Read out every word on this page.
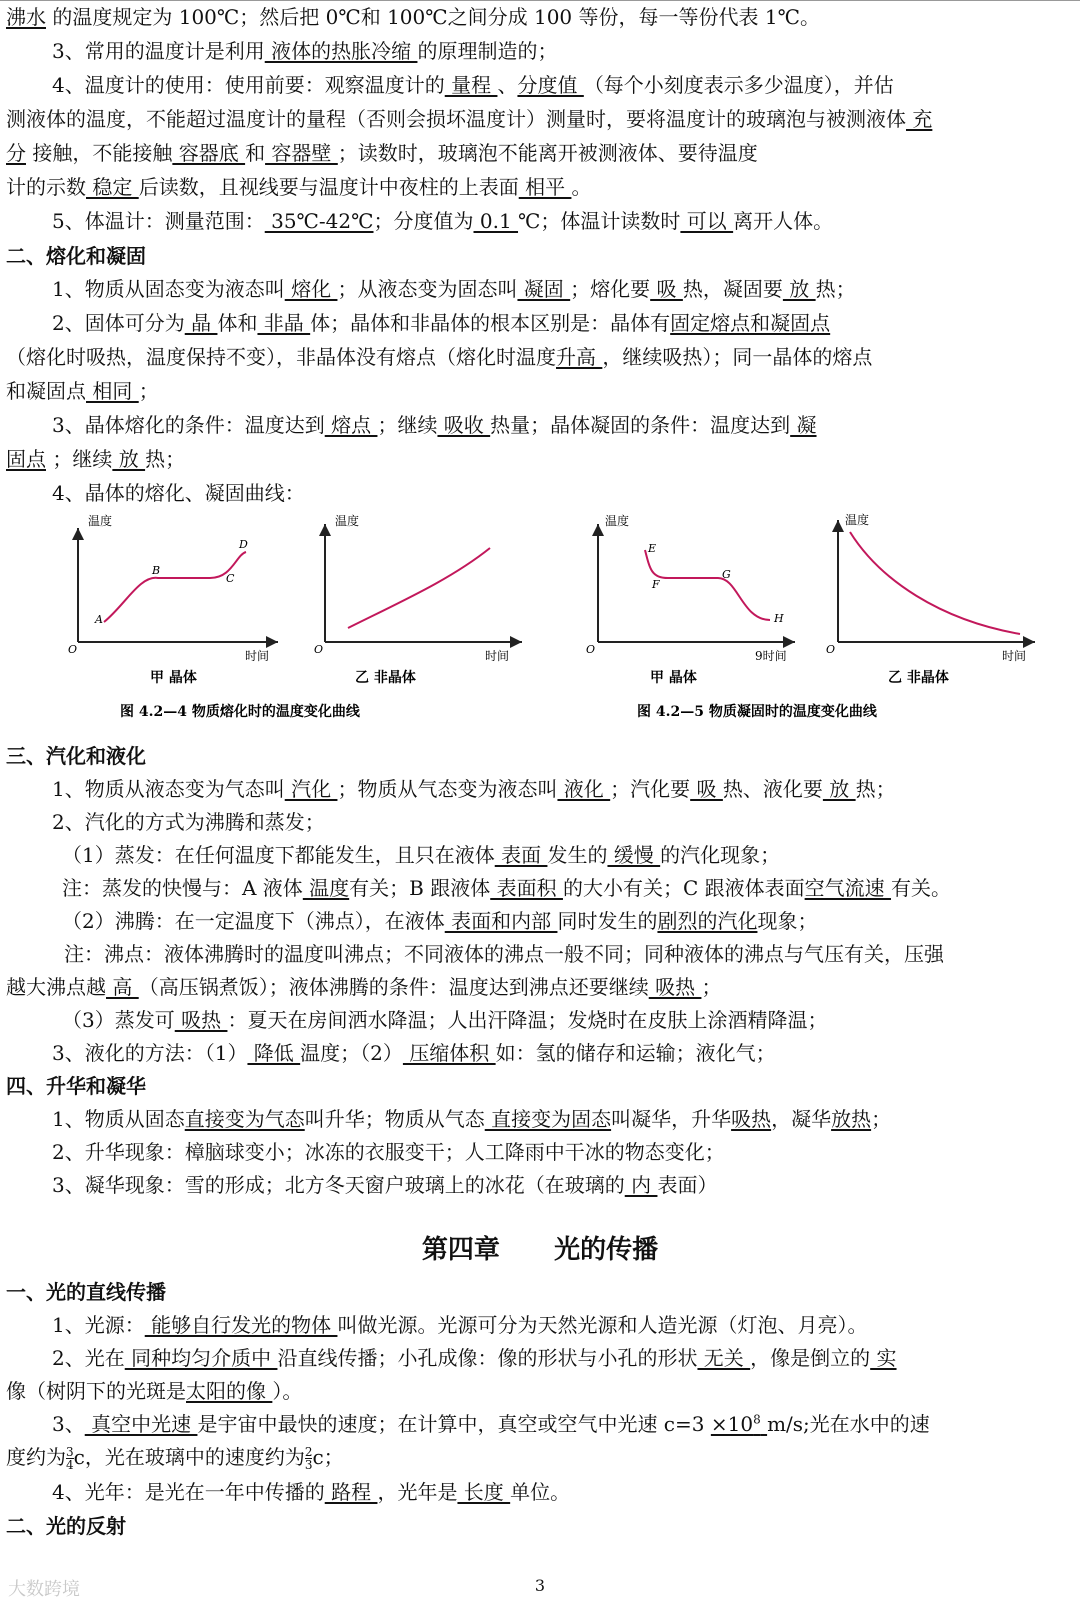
沸水 的温度规定为 100℃；然后把 0℃和 100℃之间分成 100 等份，每一等份代表 1℃。
3、常用的温度计是利用 液体的热胀冷缩 的原理制造的；
4、温度计的使用：使用前要：观察温度计的 量程 、分度值 （每个小刻度表示多少温度），并估
测液体的温度，不能超过温度计的量程（否则会损坏温度计）测量时，要将温度计的玻璃泡与被测液体 充
分 接触，不能接触 容器底 和 容器壁 ；读数时，玻璃泡不能离开被测液体、要待温度
计的示数 稳定 后读数，且视线要与温度计中夜柱的上表面 相平 。
5、体温计：测量范围： 35℃-42℃；分度值为 0.1 ℃；体温计读数时 可以 离开人体。
二、熔化和凝固
1、物质从固态变为液态叫 熔化 ；从液态变为固态叫 凝固 ；熔化要 吸 热，凝固要 放 热；
2、固体可分为 晶 体和 非晶 体；晶体和非晶体的根本区别是：晶体有固定熔点和凝固点
（熔化时吸热，温度保持不变），非晶体没有熔点（熔化时温度升高 ，继续吸热）；同一晶体的熔点
和凝固点 相同 ；
3、晶体熔化的条件：温度达到 熔点 ；继续 吸收 热量；晶体凝固的条件：温度达到 凝
固点 ；继续 放 热；
4、晶体的熔化、凝固曲线：
三、汽化和液化
1、物质从液态变为气态叫 汽化 ；物质从气态变为液态叫 液化 ；汽化要 吸 热、液化要 放 热；
2、汽化的方式为沸腾和蒸发；
（1）蒸发：在任何温度下都能发生，且只在液体 表面 发生的 缓慢 的汽化现象；
注：蒸发的快慢与：A 液体 温度有关；B 跟液体 表面积 的大小有关；C 跟液体表面空气流速 有关。
（2）沸腾：在一定温度下（沸点），在液体 表面和内部 同时发生的剧烈的汽化现象；
注：沸点：液体沸腾时的温度叫沸点；不同液体的沸点一般不同；同种液体的沸点与气压有关，压强
越大沸点越 高 （高压锅煮饭）；液体沸腾的条件：温度达到沸点还要继续 吸热 ；
（3）蒸发可 吸热 ：夏天在房间洒水降温；人出汗降温；发烧时在皮肤上涂酒精降温；
3、液化的方法：（1） 降低 温度；（2） 压缩体积 如：氢的储存和运输；液化气；
四、升华和凝华
1、物质从固态直接变为气态叫升华；物质从气态 直接变为固态叫凝华，升华吸热，凝华放热；
2、升华现象：樟脑球变小；冰冻的衣服变干；人工降雨中干冰的物态变化；
3、凝华现象：雪的形成；北方冬天窗户玻璃上的冰花（在玻璃的 内 表面）
一、光的直线传播
1、光源： 能够自行发光的物体 叫做光源。光源可分为天然光源和人造光源（灯泡、月亮）。
2、光在 同种均匀介质中 沿直线传播；小孔成像：像的形状与小孔的形状 无关 ，像是倒立的 实
像（树阴下的光斑是太阳的像 ）。
4、光年：是光在一年中传播的 路程 ，光年是 长度 单位。
二、光的反射
3、 真空中光速 是宇宙中最快的速度；在计算中，真空或空气中光速 $c=3 \times 10^8$ m/s;光在水中的速
度约为 $\frac{3}{4}$ c，光在玻璃中的速度约为 $\frac{2}{3}$ c；
第四章      光的传播
温度
时间
O
A
B
C
D
甲 晶体
温度
时间
O
乙 非晶体
温度
9时间
O
E
F
G
H
甲 晶体
温度
时间
O
乙 非晶体
图 4.2—4 物质熔化时的温度变化曲线	图 4.2—5 物质凝固时的温度变化曲线
3
大数跨境
